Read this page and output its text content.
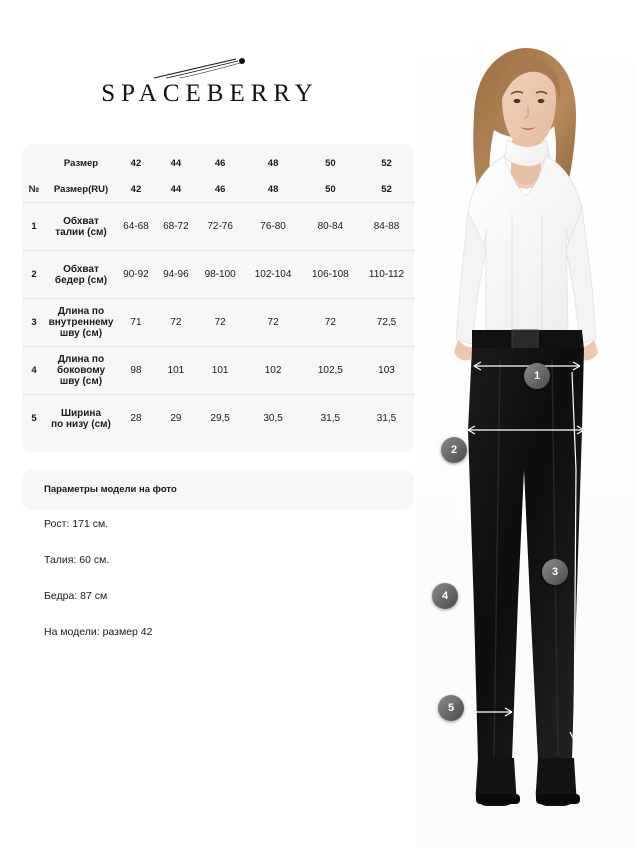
SPACEBERRY
	Размер	42	44	46	48	50	52
№	Размер(RU)	42	44	46	48	50	52
1	Обхват
талии (см)	64-68	68-72	72-76	76-80	80-84	84-88
2	Обхват
бедер (см)	90-92	94-96	98-100	102-104	106-108	110-112
3	Длина по
внутреннему
шву (см)	71	72	72	72	72	72,5
4	Длина по
боковому
шву (см)	98	101	101	102	102,5	103
5	Ширина
по низу (см)	28	29	29,5	30,5	31,5	31,5
Параметры модели на фото
Рост: 171 см.
Талия: 60 см.
Бедра: 87 см
На модели: размер 42
1
2
3
4
5
